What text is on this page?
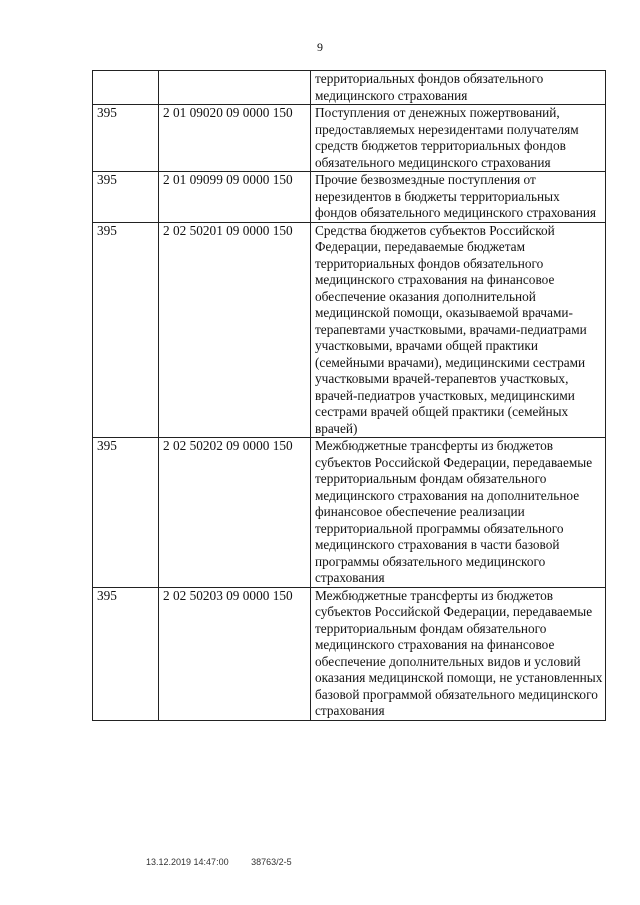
9
		территориальных фондов обязательного медицинского страхования
395	2 01 09020 09 0000 150	Поступления от денежных пожертвований, предоставляемых нерезидентами получателям средств бюджетов территориальных фондов обязательного медицинского страхования
395	2 01 09099 09 0000 150	Прочие безвозмездные поступления от нерезидентов в бюджеты территориальных фондов обязательного медицинского страхования
395	2 02 50201 09 0000 150	Средства бюджетов субъектов Российской Федерации, передаваемые бюджетам территориальных фондов обязательного медицинского страхования на финансовое обеспечение оказания дополнительной медицинской помощи, оказываемой врачами-терапевтами участковыми, врачами-педиатрами участковыми, врачами общей практики (семейными врачами), медицинскими сестрами участковыми врачей-терапевтов участковых, врачей-педиатров участковых, медицинскими сестрами врачей общей практики (семейных врачей)
395	2 02 50202 09 0000 150	Межбюджетные трансферты из бюджетов субъектов Российской Федерации, передаваемые территориальным фондам обязательного медицинского страхования на дополнительное финансовое обеспечение реализации территориальной программы обязательного медицинского страхования в части базовой программы обязательного медицинского страхования
395	2 02 50203 09 0000 150	Межбюджетные трансферты из бюджетов субъектов Российской Федерации, передаваемые территориальным фондам обязательного медицинского страхования на финансовое обеспечение дополнительных видов и условий оказания медицинской помощи, не установленных базовой программой обязательного медицинского страхования
13.12.2019 14:47:00	38763/2-5
